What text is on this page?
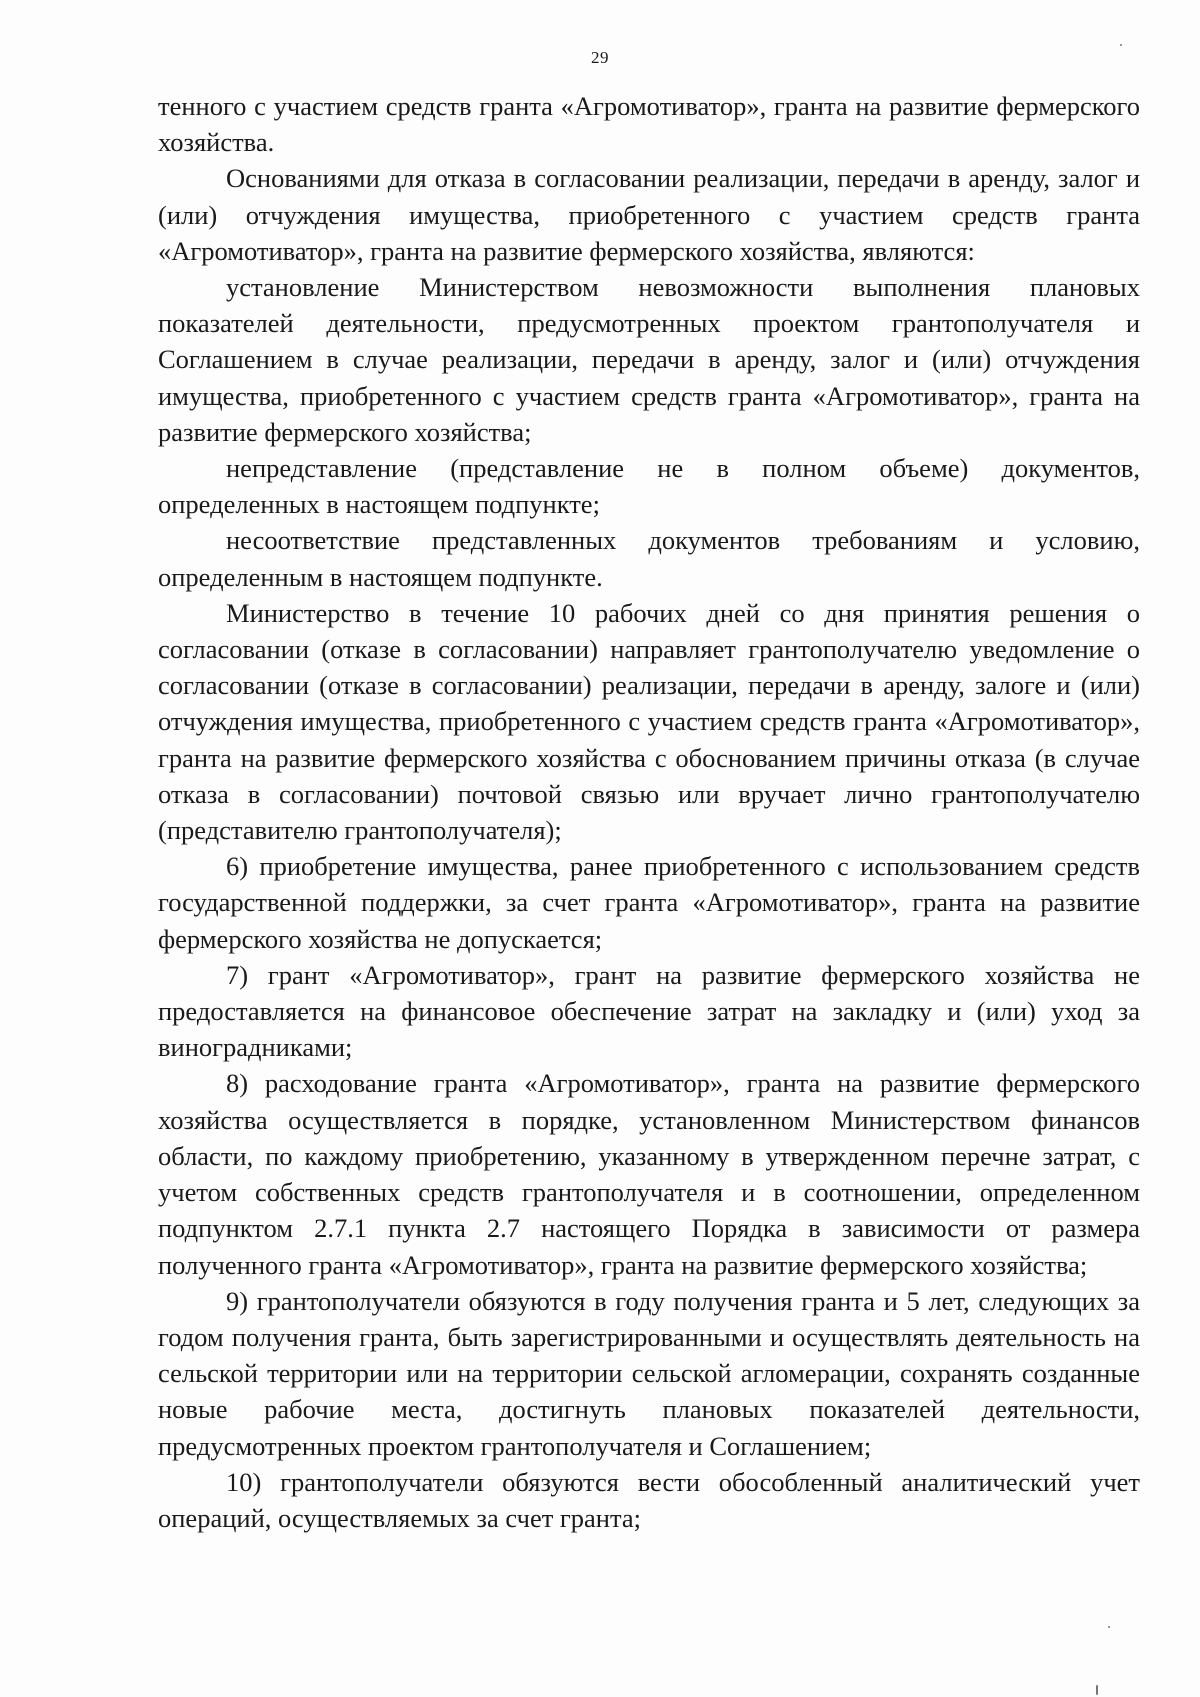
29

тенного с участием средств гранта «Агромотиватор», гранта на развитие фермерского хозяйства.

Основаниями для отказа в согласовании реализации, передачи в аренду, залог и (или) отчуждения имущества, приобретенного с участием средств гранта «Агромотиватор», гранта на развитие фермерского хозяйства, являются:

установление Министерством невозможности выполнения плановых показателей деятельности, предусмотренных проектом грантополучателя и Соглашением в случае реализации, передачи в аренду, залог и (или) отчуждения имущества, приобретенного с участием средств гранта «Агромотиватор», гранта на развитие фермерского хозяйства;

непредставление (представление не в полном объеме) документов, определенных в настоящем подпункте;

несоответствие представленных документов требованиям и условию, определенным в настоящем подпункте.

Министерство в течение 10 рабочих дней со дня принятия решения о согласовании (отказе в согласовании) направляет грантополучателю уведомление о согласовании (отказе в согласовании) реализации, передачи в аренду, залоге и (или) отчуждения имущества, приобретенного с участием средств гранта «Агромотиватор», гранта на развитие фермерского хозяйства с обоснованием причины отказа (в случае отказа в согласовании) почтовой связью или вручает лично грантополучателю (представителю грантополучателя);

6) приобретение имущества, ранее приобретенного с использованием средств государственной поддержки, за счет гранта «Агромотиватор», гранта на развитие фермерского хозяйства не допускается;

7) грант «Агромотиватор», грант на развитие фермерского хозяйства не предоставляется на финансовое обеспечение затрат на закладку и (или) уход за виноградниками;

8) расходование гранта «Агромотиватор», гранта на развитие фермерского хозяйства осуществляется в порядке, установленном Министерством финансов области, по каждому приобретению, указанному в утвержденном перечне затрат, с учетом собственных средств грантополучателя и в соотношении, определенном подпунктом 2.7.1 пункта 2.7 настоящего Порядка в зависимости от размера полученного гранта «Агромотиватор», гранта на развитие фермерского хозяйства;

9) грантополучатели обязуются в году получения гранта и 5 лет, следующих за годом получения гранта, быть зарегистрированными и осуществлять деятельность на сельской территории или на территории сельской агломерации, сохранять созданные новые рабочие места, достигнуть плановых показателей деятельности, предусмотренных проектом грантополучателя и Соглашением;

10) грантополучатели обязуются вести обособленный аналитический учет операций, осуществляемых за счет гранта;
